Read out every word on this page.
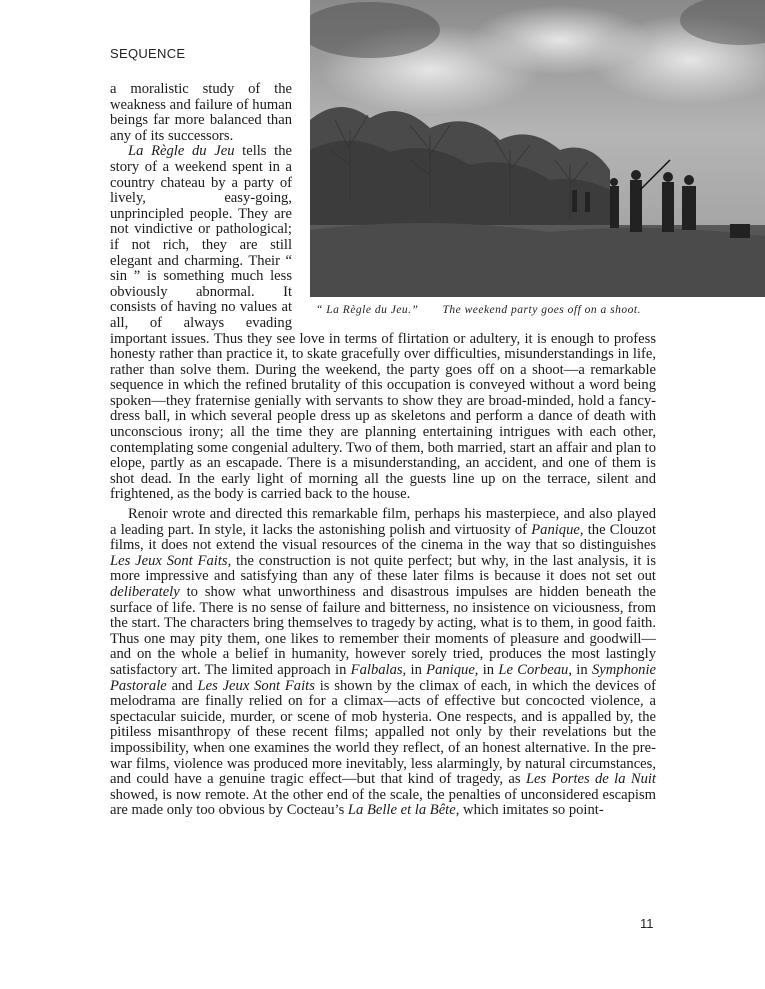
SEQUENCE
“ La Règle du Jeu.” The weekend party goes off on a shoot.

a moralistic study of the weakness and failure of human beings far more balanced than any of its successors.

La Règle du Jeu tells the story of a weekend spent in a country chateau by a party of lively, easy-going, unprincipled people. They are not vindictive or pathological; if not rich, they are still elegant and charming. Their “ sin ” is something much less obviously abnormal. It consists of having no values at all, of always evading important issues. Thus they see love in terms of flirtation or adultery, it is enough to profess honesty rather than practice it, to skate gracefully over difficulties, misunderstandings in life, rather than solve them. During the weekend, the party goes off on a shoot—a remarkable sequence in which the refined brutality of this occupation is conveyed without a word being spoken—they fraternise genially with servants to show they are broad-minded, hold a fancy-dress ball, in which several people dress up as skeletons and perform a dance of death with unconscious irony; all the time they are planning entertaining intrigues with each other, contemplating some congenial adultery. Two of them, both married, start an affair and plan to elope, partly as an escapade. There is a misunderstanding, an accident, and one of them is shot dead. In the early light of morning all the guests line up on the terrace, silent and frightened, as the body is carried back to the house.

Renoir wrote and directed this remarkable film, perhaps his masterpiece, and also played a leading part. In style, it lacks the astonishing polish and virtuosity of Panique, the Clouzot films, it does not extend the visual resources of the cinema in the way that so distinguishes Les Jeux Sont Faits, the construction is not quite perfect; but why, in the last analysis, it is more impressive and satisfying than any of these later films is because it does not set out deliberately to show what unworthiness and disastrous impulses are hidden beneath the surface of life. There is no sense of failure and bitterness, no insistence on viciousness, from the start. The characters bring themselves to tragedy by acting, what is to them, in good faith. Thus one may pity them, one likes to remember their moments of pleasure and goodwill—and on the whole a belief in humanity, however sorely tried, produces the most lastingly satisfactory art. The limited approach in Falbalas, in Panique, in Le Corbeau, in Symphonie Pastorale and Les Jeux Sont Faits is shown by the climax of each, in which the devices of melodrama are finally relied on for a climax—acts of effective but concocted violence, a spectacular suicide, murder, or scene of mob hysteria. One respects, and is appalled by, the pitiless misanthropy of these recent films; appalled not only by their revelations but the impossibility, when one examines the world they reflect, of an honest alternative. In the pre-war films, violence was produced more inevitably, less alarmingly, by natural circumstances, and could have a genuine tragic effect—but that kind of tragedy, as Les Portes de la Nuit showed, is now remote. At the other end of the scale, the penalties of unconsidered escapism are made only too obvious by Cocteau’s La Belle et la Bête, which imitates so point-

11
